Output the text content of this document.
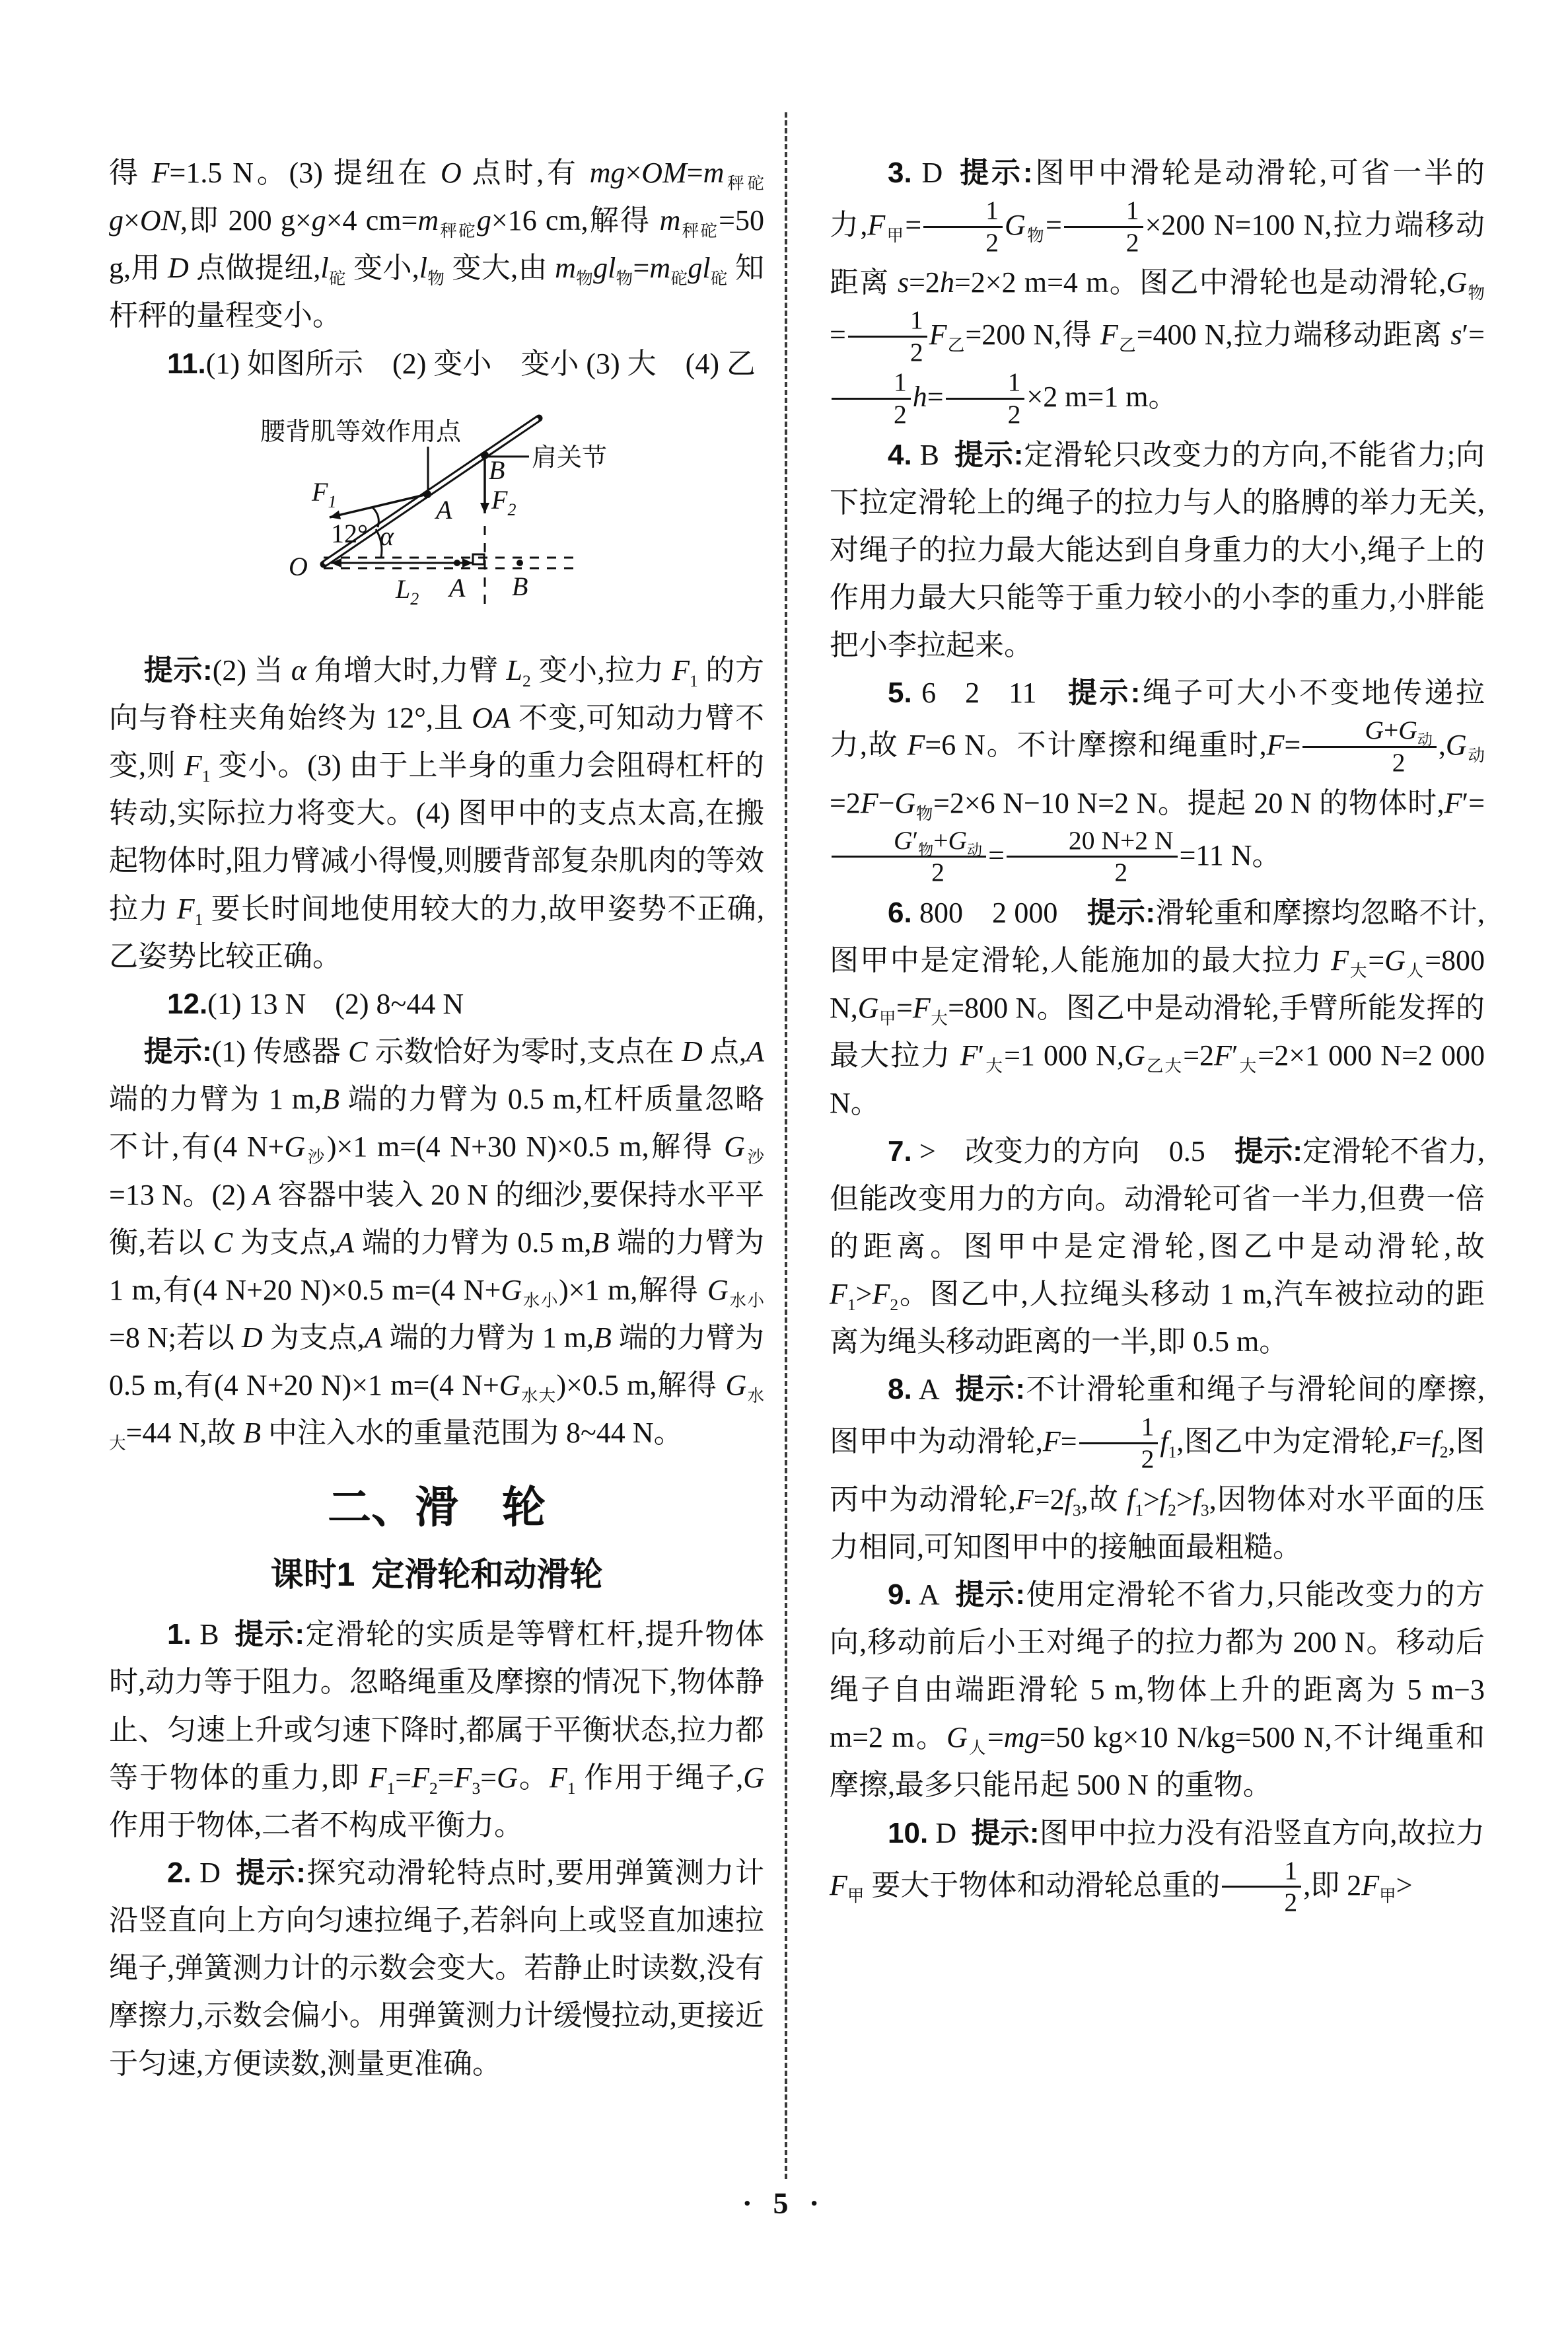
得 F=1.5 N。(3) 提纽在 O 点时,有 $mg\times OM=m_{秤砣}g\times ON$,即 200 g×g×4 $cm=m_{秤砣}g\times 16$ cm,解得 $m_{秤砣}=50$ g,用 D 点做提纽$,l_砣$ 变小$,l_物$ 变大,由 $m_物gl_物=m_砣gl_砣$ 知杆秤的量程变小。

11.(1) 如图所示 (2) 变小 变小 (3) 大 (4) 乙

腰背肌等效作用点
肩关节
O
A
B
$F_1$	$F_2$
$L_2$
12° α
A B

提示:(2) 当 α 角增大时,力臂 $L_2$ 变小,拉力 $F_1$ 的方向与脊柱夹角始终为 12°,且 OA 不变,可知动力臂不变,则 $F_1$ 变小。(3) 由于上半身的重力会阻碍杠杆的转动,实际拉力将变大。(4) 图甲中的支点太高,在搬起物体时,阻力臂减小得慢,则腰背部复杂肌肉的等效拉力 $F_1$ 要长时间地使用较大的力,故甲姿势不正确,乙姿势比较正确。

12.(1) 13 N (2) 8~44 N

提示:(1) 传感器 C 示数恰好为零时,支点在 D 点,A 端的力臂为 1 m,B 端的力臂为 0.5 m,杠杆质量忽略不计,有(4 $N+G_沙)\times 1$ m=(4 N+30 N)×0.5 m,解得 $G_沙=13$ N。(2) A 容器中装入 20 N 的细沙,要保持水平平衡,若以 C 为支点,A 端的力臂为 0.5 m,B 端的力臂为 1 m,有(4 N+20 N)×0.5 m=(4 $N+G_{水小})\times 1$ m,解得 $G_{水小}=8$ N;若以 D 为支点,A 端的力臂为 1 m,B 端的力臂为 0.5 m,有(4 N+20 N)×1 m=(4 $N+G_{水大})\times 0.5$ m,解得 $G_{水大}=44$ N,故 B 中注入水的重量范围为 8~44 N。

二、滑 轮
课时1 定滑轮和动滑轮

1. B 提示:定滑轮的实质是等臂杠杆,提升物体时,动力等于阻力。忽略绳重及摩擦的情况下,物体静止、匀速上升或匀速下降时,都属于平衡状态,拉力都等于物体的重力,即 $F_1=F_2=F_3=G$。$F_1$ 作用于绳子,G 作用于物体,二者不构成平衡力。

2. D 提示:探究动滑轮特点时,要用弹簧测力计沿竖直向上方向匀速拉绳子,若斜向上或竖直加速拉绳子,弹簧测力计的示数会变大。若静止时读数,没有摩擦力,示数会偏小。用弹簧测力计缓慢拉动,更接近于匀速,方便读数,测量更准确。

3. D 提示:图甲中滑轮是动滑轮,可省一半的力$,F_甲= \frac{1}{2} G_物= \frac{1}{2} \times 200$ N=100 N,拉力端移动距离 s=2h=2×2 m=4 m。图乙中滑轮也是动滑轮$,G_物= \frac{1}{2} F_乙=200$ N,得 $F_乙=400$ N,拉力端移动距离 s′=
$\frac{1}{2} h= \frac{1}{2} \times 2$ m=1 m。

4. B 提示:定滑轮只改变力的方向,不能省力;向下拉定滑轮上的绳子的拉力与人的胳膊的举力无关,对绳子的拉力最大能达到自身重力的大小,绳子上的作用力最大只能等于重力较小的小李的重力,小胖能把小李拉起来。

5. 6 2 11 提示:绳子可大小不变地传递拉力,故 F=6 N。不计摩擦和绳重时$,F= \frac{G+G_动}{2} ,G_动=2F-G_物=2\times 6$ N−10 N=2 N。提起 20 N 的物体时,F′=
$\frac{G'_物+G_动}{2} = \frac{20 N+2 N}{2} =11$ N。

6. 800 2 000 提示:滑轮重和摩擦均忽略不计,图甲中是定滑轮,人能施加的最大拉力 $F_大=G_人=800$ $N,G_甲=F_大=800$ N。图乙中是动滑轮,手臂所能发挥的最大拉力 $F'_大=1$ 000 $N,G_{乙大}=2F'_大=2\times 1$ 000 N=2 000 N。

7. > 改变力的方向 0.5 提示:定滑轮不省力,但能改变用力的方向。动滑轮可省一半力,但费一倍的距离。图甲中是定滑轮,图乙中是动滑轮,故 $F_1>F_2$。图乙中,人拉绳头移动 1 m,汽车被拉动的距离为绳头移动距离的一半,即 0.5 m。

8. A 提示:不计滑轮重和绳子与滑轮间的摩擦,图甲中为动滑轮$,F= \frac{1}{2} f_1$,图乙中为定滑轮$,F=f_2$,图丙中为动滑轮$,F=2f_3$,故 $f_1>f_2>f_3$,因物体对水平面的压力相同,可知图甲中的接触面最粗糙。

9. A 提示:使用定滑轮不省力,只能改变力的方向,移动前后小王对绳子的拉力都为 200 N。移动后绳子自由端距滑轮 5 m,物体上升的距离为 5 m−3 m=2 m。$G_人=mg=50$ kg×10 N/kg=500 N,不计绳重和摩擦,最多只能吊起 500 N 的重物。

10. D 提示:图甲中拉力没有沿竖直方向,故拉力 $F_甲$ 要大于物体和动滑轮总重的 $\frac{1}{2}$ ,即 $2F_甲>$

· 5 ·
